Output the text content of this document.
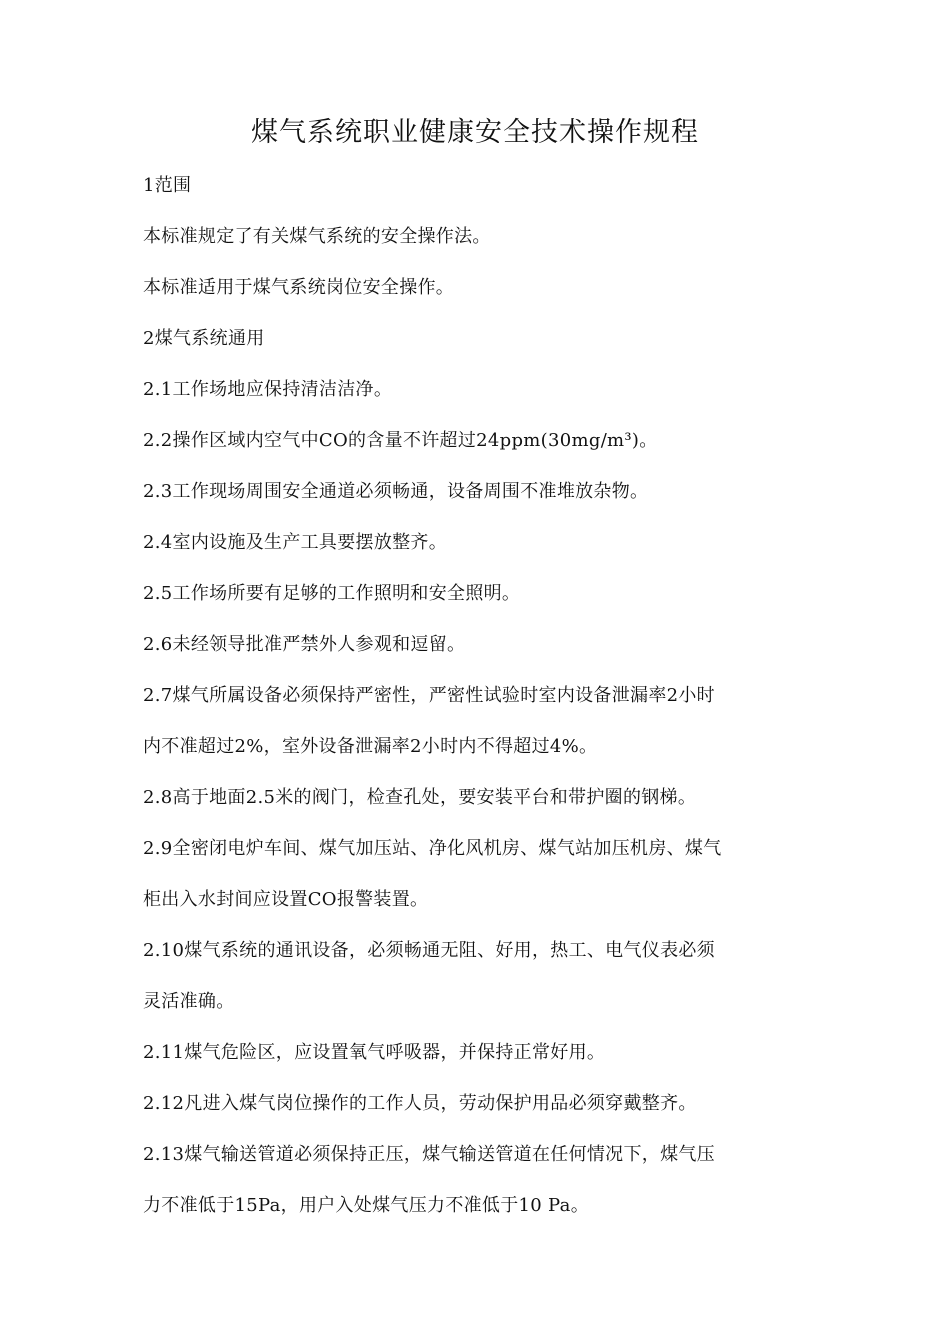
煤气系统职业健康安全技术操作规程
1范围
本标准规定了有关煤气系统的安全操作法。
本标准适用于煤气系统岗位安全操作。
2煤气系统通用
2.1工作场地应保持清洁洁净。
2.2操作区域内空气中CO的含量不许超过24ppm(30mg/m³)。
2.3工作现场周围安全通道必须畅通，设备周围不准堆放杂物。
2.4室内设施及生产工具要摆放整齐。
2.5工作场所要有足够的工作照明和安全照明。
2.6未经领导批准严禁外人参观和逗留。
2.7煤气所属设备必须保持严密性，严密性试验时室内设备泄漏率2小时
内不准超过2%，室外设备泄漏率2小时内不得超过4%。
2.8高于地面2.5米的阀门，检查孔处，要安装平台和带护圈的钢梯。
2.9全密闭电炉车间、煤气加压站、净化风机房、煤气站加压机房、煤气
柜出入水封间应设置CO报警装置。
2.10煤气系统的通讯设备，必须畅通无阻、好用，热工、电气仪表必须
灵活准确。
2.11煤气危险区，应设置氧气呼吸器，并保持正常好用。
2.12凡进入煤气岗位操作的工作人员，劳动保护用品必须穿戴整齐。
2.13煤气输送管道必须保持正压，煤气输送管道在任何情况下，煤气压
力不准低于15Pa，用户入处煤气压力不准低于10 Pa。
